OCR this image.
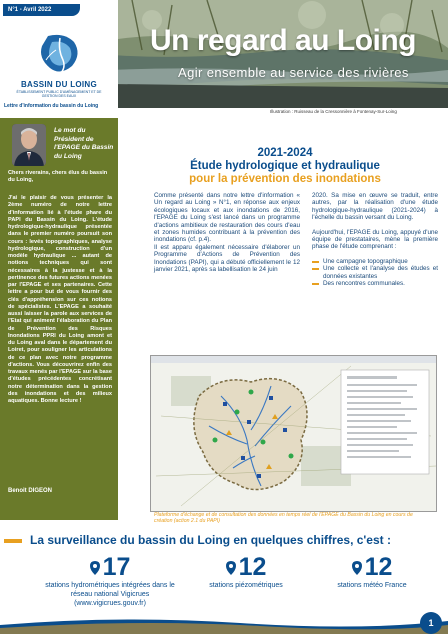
N°1 - Avril 2022
BASSIN DU LOING
ÉTABLISSEMENT PUBLIC D'AMÉNAGEMENT ET DE GESTION DES EAUX
Lettre d'information du bassin du Loing
Un regard au Loing
Agir ensemble au service des rivières
Illustration : Ruisseau de la Cressonnière à Fontenay-Sur-Loing
Le mot du Président de l'EPAGE du Bassin du Loing
Chers riverains, chers élus du bassin du Loing,
J'ai le plaisir de vous présenter la 2ème numéro de notre lettre d'information lié à l'étude phare du PAPI du Bassin du Loing. L'étude hydrologique-hydraulique présentée dans le premier numéro poursuit son cours : levés topographiques, analyse hydrologique, construction d'un modèle hydraulique ... autant de notions techniques qui sont nécessaires à la justesse et à la pertinence des futures actions menées par l'EPAGE et ses partenaires. Cette lettre a pour but de vous fournir des clés d'appréhension sur ces notions de spécialistes. L'EPAGE a souhaité aussi laisser la parole aux services de l'Etat qui animent l'élaboration du Plan de Prévention des Risques Inondations PPRI du Loing amont et du Loing aval dans le département du Loiret, pour souligner les articulations de ce plan avec notre programme d'actions. Vous découvrirez enfin des travaux menés par l'EPAGE sur la base d'études précédentes concrétisant notre détermination dans la gestion des inondations et des milieux aquatiques. Bonne lecture !
Benoit DIGEON
2021-2024
Étude hydrologique et hydraulique
pour la prévention des inondations

Comme présenté dans notre lettre d'information « Un regard au Loing » N°1, en réponse aux enjeux écologiques locaux et aux inondations de 2016, l'EPAGE du Loing s'est lancé dans un programme d'actions ambitieux de restauration des cours d'eau et zones humides contribuant à la prévention des inondations (cf. p.4).

Il est apparu également nécessaire d'élaborer un Programme d'Actions de Prévention des Inondations (PAPI), qui a débuté officiellement le 12 janvier 2021, après sa labellisation le 24 juin

2020. Sa mise en œuvre se traduit, entre autres, par la réalisation d'une étude hydrologique-hydraulique (2021-2024) à l'échelle du bassin versant du Loing.

Aujourd'hui, l'EPAGE du Loing, appuyé d'une équipe de prestataires, mène la première phase de l'étude comprenant :

Une campagne topographique
Une collecte et l'analyse des études et données existantes
Des rencontres communales.
Plateforme d'échange et de consultation des données en temps réel de l'EPAGE du Bassin du Loing en cours de création (action 2.1 du PAPI)
La surveillance du bassin du Loing en quelques chiffres, c'est :
17
stations hydrométriques intégrées dans le réseau national Vigicrues (www.vigicrues.gouv.fr)
12
stations piézométriques
12
stations météo France
1
